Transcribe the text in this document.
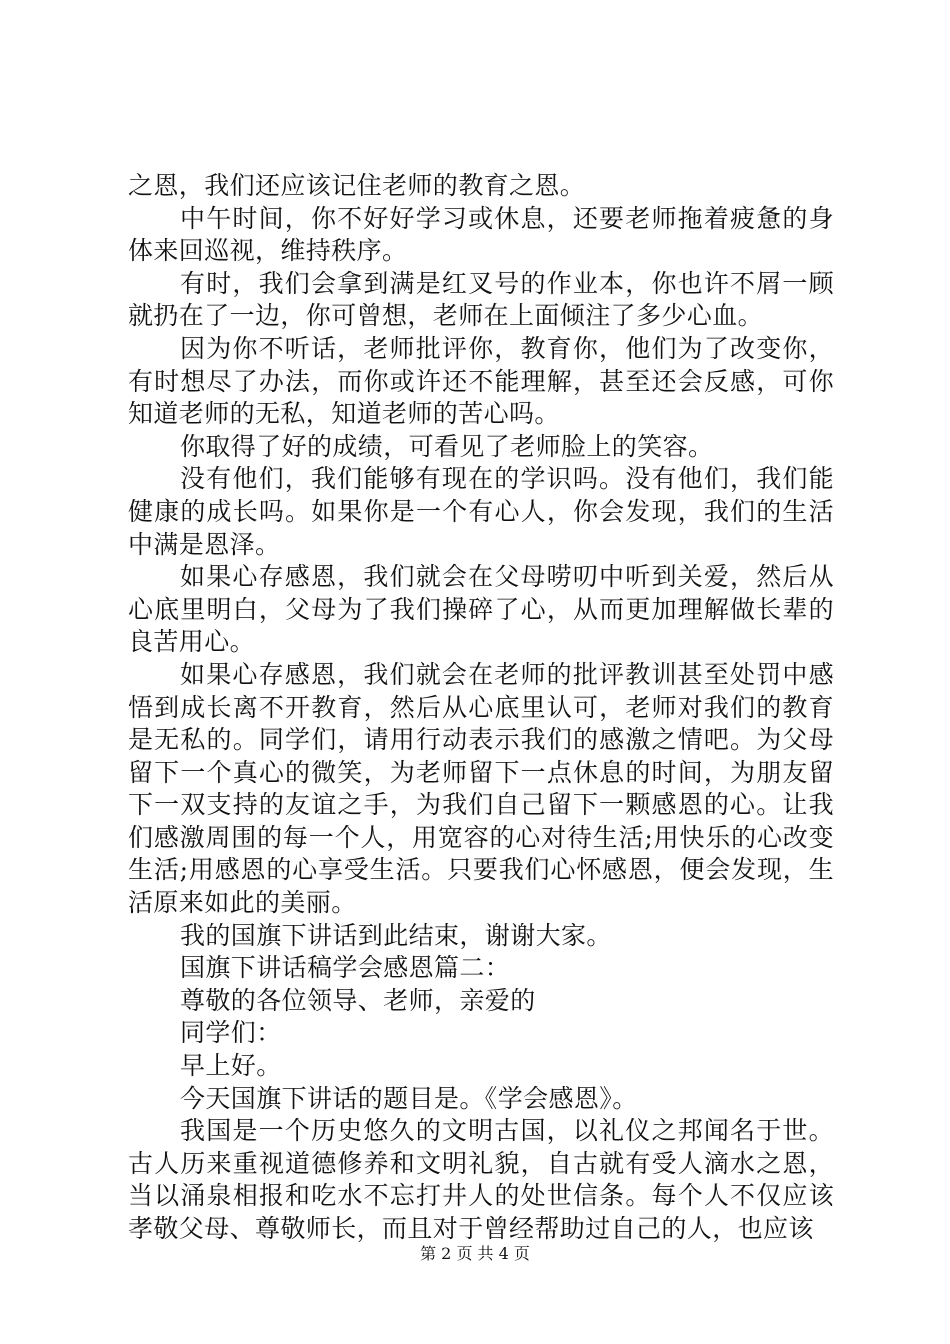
之恩，我们还应该记住老师的教育之恩。

中午时间，你不好好学习或休息，还要老师拖着疲惫的身体来回巡视，维持秩序。

有时，我们会拿到满是红叉号的作业本，你也许不屑一顾就扔在了一边，你可曾想，老师在上面倾注了多少心血。

因为你不听话，老师批评你，教育你，他们为了改变你，有时想尽了办法，而你或许还不能理解，甚至还会反感，可你知道老师的无私，知道老师的苦心吗。

你取得了好的成绩，可看见了老师脸上的笑容。

没有他们，我们能够有现在的学识吗。没有他们，我们能健康的成长吗。如果你是一个有心人，你会发现，我们的生活中满是恩泽。

如果心存感恩，我们就会在父母唠叨中听到关爱，然后从心底里明白，父母为了我们操碎了心，从而更加理解做长辈的良苦用心。

如果心存感恩，我们就会在老师的批评教训甚至处罚中感悟到成长离不开教育，然后从心底里认可，老师对我们的教育是无私的。同学们，请用行动表示我们的感激之情吧。为父母留下一个真心的微笑，为老师留下一点休息的时间，为朋友留下一双支持的友谊之手，为我们自己留下一颗感恩的心。让我们感激周围的每一个人，用宽容的心对待生活;用快乐的心改变生活;用感恩的心享受生活。只要我们心怀感恩，便会发现，生活原来如此的美丽。

我的国旗下讲话到此结束，谢谢大家。

国旗下讲话稿学会感恩篇二：

尊敬的各位领导、老师，亲爱的

同学们：

早上好。

今天国旗下讲话的题目是。《学会感恩》。

我国是一个历史悠久的文明古国，以礼仪之邦闻名于世。古人历来重视道德修养和文明礼貌，自古就有受人滴水之恩，当以涌泉相报和吃水不忘打井人的处世信条。每个人不仅应该孝敬父母、尊敬师长，而且对于曾经帮助过自己的人，也应该

第 2 页 共 4 页
